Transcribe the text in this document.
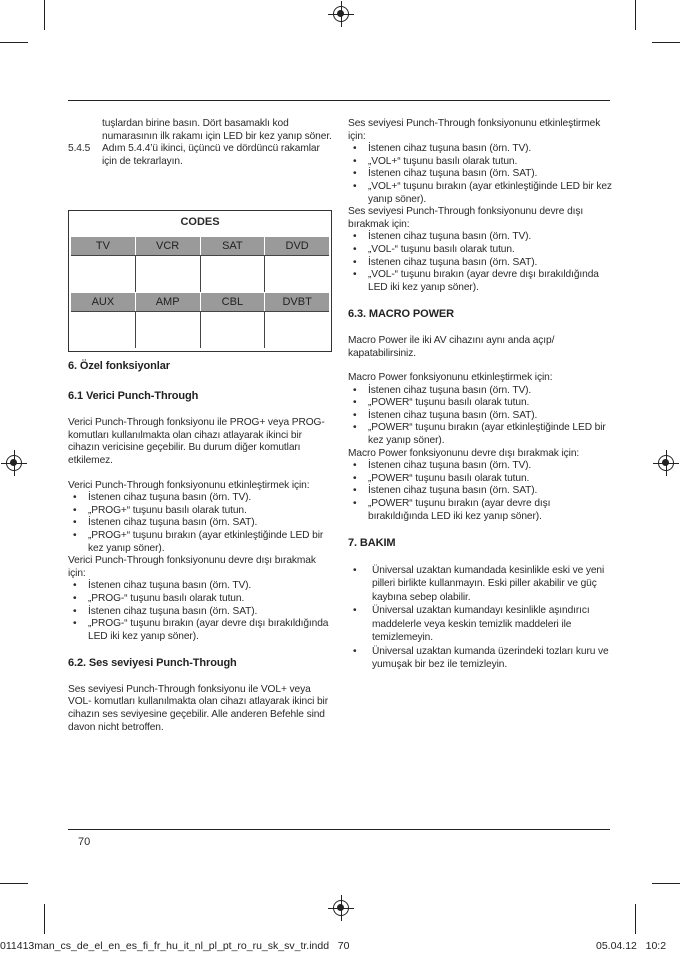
tuşlardan birine basın. Dört basamaklı kod numarasının ilk rakamı için LED bir kez yanıp söner.

5.4.5	Adım 5.4.4’ü ikinci, üçüncü ve dördüncü rakamlar için de tekrarlayın.
CODES
TV	VCR	SAT	DVD
AUX	AMP	CBL	DVBT

6. Özel fonksiyonlar

6.1 Verici Punch-Through

Verici Punch-Through fonksiyonu ile PROG+ veya PROG- komutları kullanılmakta olan cihazı atlayarak ikinci bir cihazın vericisine geçebilir. Bu durum diğer komutları etkilemez.

Verici Punch-Through fonksiyonunu etkinleştirmek için:

• İstenen cihaz tuşuna basın (örn. TV).
• „PROG+“ tuşunu basılı olarak tutun.
• İstenen cihaz tuşuna basın (örn. SAT).
• „PROG+“ tuşunu bırakın (ayar etkinleştiğinde LED bir kez yanıp söner).

Verici Punch-Through fonksiyonunu devre dışı bırakmak için:

• İstenen cihaz tuşuna basın (örn. TV).
• „PROG-“ tuşunu basılı olarak tutun.
• İstenen cihaz tuşuna basın (örn. SAT).
• „PROG-“ tuşunu bırakın (ayar devre dışı bırakıldığında LED iki kez yanıp söner).

6.2. Ses seviyesi Punch-Through

Ses seviyesi Punch-Through fonksiyonu ile VOL+ veya VOL- komutları kullanılmakta olan cihazı atlayarak ikinci bir cihazın ses seviyesine geçebilir. Alle anderen Befehle sind davon nicht betroffen.

Ses seviyesi Punch-Through fonksiyonunu etkinleştirmek için:

• İstenen cihaz tuşuna basın (örn. TV).
• „VOL+“ tuşunu basılı olarak tutun.
• İstenen cihaz tuşuna basın (örn. SAT).
• „VOL+“ tuşunu bırakın (ayar etkinleştiğinde LED bir kez yanıp söner).

Ses seviyesi Punch-Through fonksiyonunu devre dışı bırakmak için:

• İstenen cihaz tuşuna basın (örn. TV).
• „VOL-“ tuşunu basılı olarak tutun.
• İstenen cihaz tuşuna basın (örn. SAT).
• „VOL-“ tuşunu bırakın (ayar devre dışı bırakıldığında LED iki kez yanıp söner).

6.3. MACRO POWER

Macro Power ile iki AV cihazını aynı anda açıp/ kapatabilirsiniz.

Macro Power fonksiyonunu etkinleştirmek için:

• İstenen cihaz tuşuna basın (örn. TV).
• „POWER“ tuşunu basılı olarak tutun.
• İstenen cihaz tuşuna basın (örn. SAT).
• „POWER“ tuşunu bırakın (ayar etkinleştiğinde LED bir kez yanıp söner).

Macro Power fonksiyonunu devre dışı bırakmak için:

• İstenen cihaz tuşuna basın (örn. TV).
• „POWER“ tuşunu basılı olarak tutun.
• İstenen cihaz tuşuna basın (örn. SAT).
• „POWER“ tuşunu bırakın (ayar devre dışı bırakıldığında LED iki kez yanıp söner).

7. BAKIM

• Üniversal uzaktan kumandada kesinlikle eski ve yeni pilleri birlikte kullanmayın. Eski piller akabilir ve güç kaybına sebep olabilir.
• Üniversal uzaktan kumandayı kesinlikle aşındırıcı maddelerle veya keskin temizlik maddeleri ile temizlemeyin.
• Üniversal uzaktan kumanda üzerindeki tozları kuru ve yumuşak bir bez ile temizleyin.
70
011413man_cs_de_el_en_es_fi_fr_hu_it_nl_pl_pt_ro_ru_sk_sv_tr.indd   70	05.04.12   10:2
